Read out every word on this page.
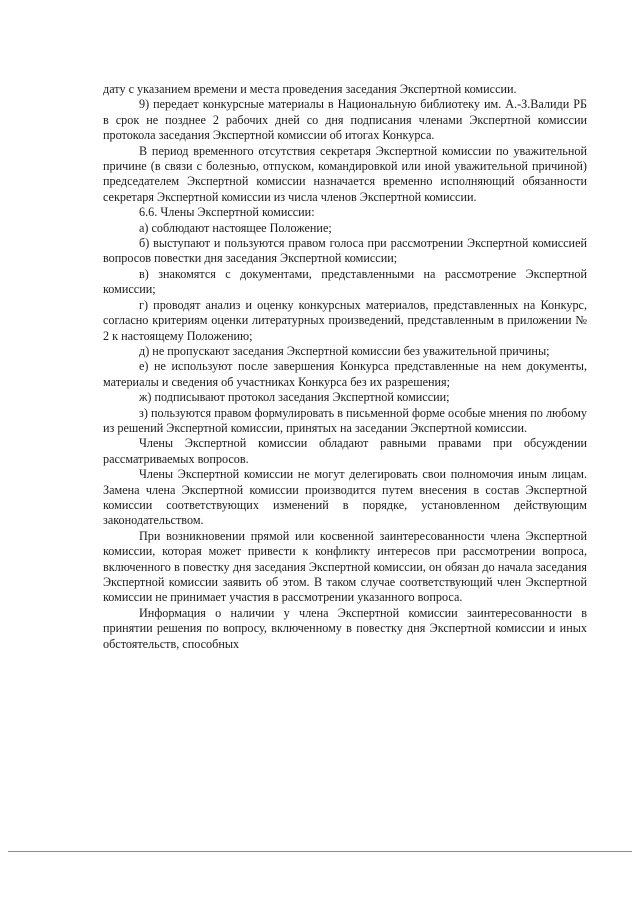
дату с указанием времени и места проведения заседания Экспертной комиссии.

9) передает конкурсные материалы в Национальную библиотеку им. А.-З.Валиди РБ в срок не позднее 2 рабочих дней со дня подписания членами Экспертной комиссии протокола заседания Экспертной комиссии об итогах Конкурса.

В период временного отсутствия секретаря Экспертной комиссии по уважительной причине (в связи с болезнью, отпуском, командировкой или иной уважительной причиной) председателем Экспертной комиссии назначается временно исполняющий обязанности секретаря Экспертной комиссии из числа членов Экспертной комиссии.

6.6. Члены Экспертной комиссии:

а) соблюдают настоящее Положение;

б) выступают и пользуются правом голоса при рассмотрении Экспертной комиссией вопросов повестки дня заседания Экспертной комиссии;

в) знакомятся с документами, представленными на рассмотрение Экспертной комиссии;

г) проводят анализ и оценку конкурсных материалов, представленных на Конкурс, согласно критериям оценки литературных произведений, представленным в приложении № 2 к настоящему Положению;

д) не пропускают заседания Экспертной комиссии без уважительной причины;

е) не используют после завершения Конкурса представленные на нем документы, материалы и сведения об участниках Конкурса без их разрешения;

ж) подписывают протокол заседания Экспертной комиссии;

з) пользуются правом формулировать в письменной форме особые мнения по любому из решений Экспертной комиссии, принятых на заседании Экспертной комиссии.

Члены Экспертной комиссии обладают равными правами при обсуждении рассматриваемых вопросов.

Члены Экспертной комиссии не могут делегировать свои полномочия иным лицам. Замена члена Экспертной комиссии производится путем внесения в состав Экспертной комиссии соответствующих изменений в порядке, установленном действующим законодательством.

При возникновении прямой или косвенной заинтересованности члена Экспертной комиссии, которая может привести к конфликту интересов при рассмотрении вопроса, включенного в повестку дня заседания Экспертной комиссии, он обязан до начала заседания Экспертной комиссии заявить об этом. В таком случае соответствующий член Экспертной комиссии не принимает участия в рассмотрении указанного вопроса.

Информация о наличии у члена Экспертной комиссии заинтересованности в принятии решения по вопросу, включенному в повестку дня Экспертной комиссии и иных обстоятельств, способных
